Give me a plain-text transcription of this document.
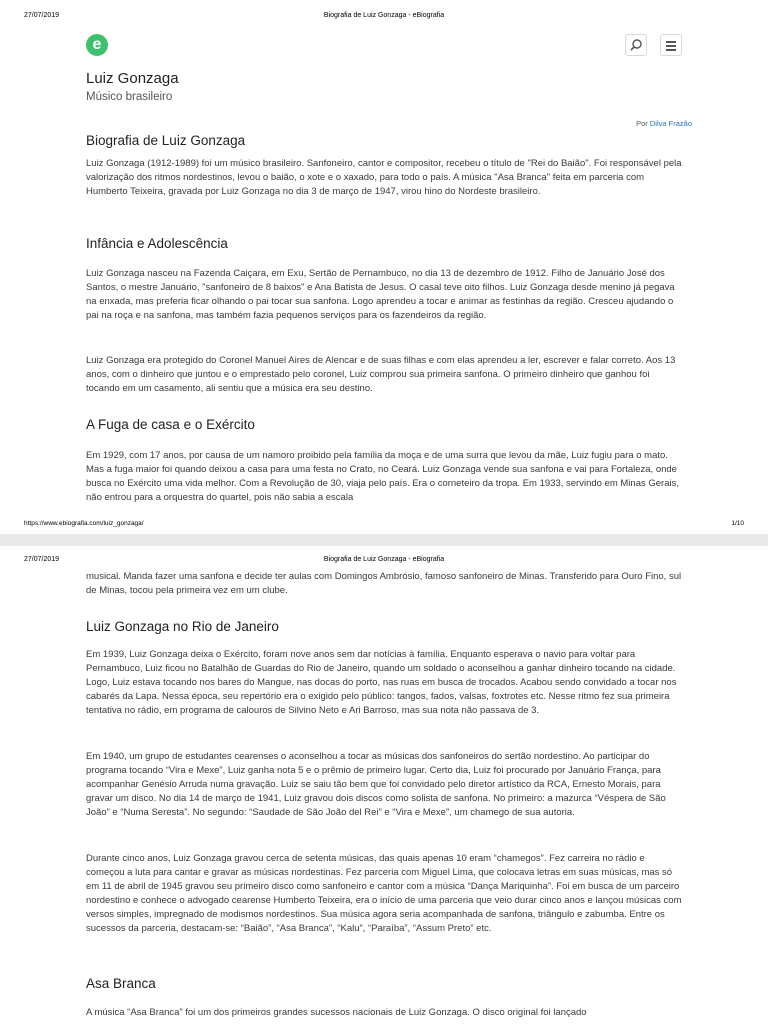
27/07/2019	Biografia de Luiz Gonzaga - eBiografia
e
Luiz Gonzaga

Músico brasileiro

Por Dilva Frazão
Biografia de Luiz Gonzaga

Luiz Gonzaga (1912-1989) foi um músico brasileiro. Sanfoneiro, cantor e compositor, recebeu o título de "Rei do Baião". Foi responsável pela valorização dos ritmos nordestinos, levou o baião, o xote e o xaxado, para todo o país. A música "Asa Branca" feita em parceria com Humberto Teixeira, gravada por Luiz Gonzaga no dia 3 de março de 1947, virou hino do Nordeste brasileiro.

Infância e Adolescência

Luiz Gonzaga nasceu na Fazenda Caiçara, em Exu, Sertão de Pernambuco, no dia 13 de dezembro de 1912. Filho de Januário José dos Santos, o mestre Januário, "sanfoneiro de 8 baixos" e Ana Batista de Jesus. O casal teve oito filhos. Luiz Gonzaga desde menino já pegava na enxada, mas preferia ficar olhando o pai tocar sua sanfona. Logo aprendeu a tocar e animar as festinhas da região. Cresceu ajudando o pai na roça e na sanfona, mas também fazia pequenos serviços para os fazendeiros da região.

Luiz Gonzaga era protegido do Coronel Manuel Aires de Alencar e de suas filhas e com elas aprendeu a ler, escrever e falar correto. Aos 13 anos, com o dinheiro que juntou e o emprestado pelo coronel, Luiz comprou sua primeira sanfona. O primeiro dinheiro que ganhou foi tocando em um casamento, ali sentiu que a música era seu destino.

A Fuga de casa e o Exército

Em 1929, com 17 anos, por causa de um namoro proibido pela família da moça e de uma surra que levou da mãe, Luiz fugiu para o mato. Mas a fuga maior foi quando deixou a casa para uma festa no Crato, no Ceará. Luiz Gonzaga vende sua sanfona e vai para Fortaleza, onde busca no Exército uma vida melhor. Com a Revolução de 30, viaja pelo país. Era o corneteiro da tropa. Em 1933, servindo em Minas Gerais, não entrou para a orquestra do quartel, pois não sabia a escala

https://www.ebiografia.com/luiz_gonzaga/	1/10
27/07/2019	Biografia de Luiz Gonzaga - eBiografia

musical. Manda fazer uma sanfona e decide ter aulas com Domingos Ambrósio, famoso sanfoneiro de Minas. Transferido para Ouro Fino, sul de Minas, tocou pela primeira vez em um clube.

Luiz Gonzaga no Rio de Janeiro

Em 1939, Luiz Gonzaga deixa o Exército, foram nove anos sem dar notícias à família. Enquanto esperava o navio para voltar para Pernambuco, Luiz ficou no Batalhão de Guardas do Rio de Janeiro, quando um soldado o aconselhou a ganhar dinheiro tocando na cidade. Logo, Luiz estava tocando nos bares do Mangue, nas docas do porto, nas ruas em busca de trocados. Acabou sendo convidado a tocar nos cabarés da Lapa. Nessa época, seu repertório era o exigido pelo público: tangos, fados, valsas, foxtrotes etc. Nesse ritmo fez sua primeira tentativa no rádio, em programa de calouros de Silvino Neto e Ari Barroso, mas sua nota não passava de 3.

Em 1940, um grupo de estudantes cearenses o aconselhou a tocar as músicas dos sanfoneiros do sertão nordestino. Ao participar do programa tocando “Vira e Mexe”, Luiz ganha nota 5 e o prêmio de primeiro lugar. Certo dia, Luiz foi procurado por Januário França, para acompanhar Genésio Arruda numa gravação. Luiz se saiu tão bem que foi convidado pelo diretor artístico da RCA, Ernesto Morais, para gravar um disco. No dia 14 de março de 1941, Luiz gravou dois discos como solista de sanfona. No primeiro: a mazurca “Véspera de São João” e “Numa Seresta”. No segundo: “Saudade de São João del Rei” e “Vira e Mexe”, um chamego de sua autoria.

Durante cinco anos, Luiz Gonzaga gravou cerca de setenta músicas, das quais apenas 10 eram “chamegos”. Fez carreira no rádio e começou a luta para cantar e gravar as músicas nordestinas. Fez parceria com Miguel Lima, que colocava letras em suas músicas, mas só em 11 de abril de 1945 gravou seu primeiro disco como sanfoneiro e cantor com a música “Dança Mariquinha”. Foi em busca de um parceiro nordestino e conhece o advogado cearense Humberto Teixeira, era o início de uma parceria que veio durar cinco anos e lançou músicas com versos simples, impregnado de modismos nordestinos. Sua música agora seria acompanhada de sanfona, triângulo e zabumba. Entre os sucessos da parceria, destacam-se: “Baião”, “Asa Branca”, “Kalu”, “Paraíba”, “Assum Preto” etc.

Asa Branca

A música “Asa Branca” foi um dos primeiros grandes sucessos nacionais de Luiz Gonzaga. O disco original foi lançado
